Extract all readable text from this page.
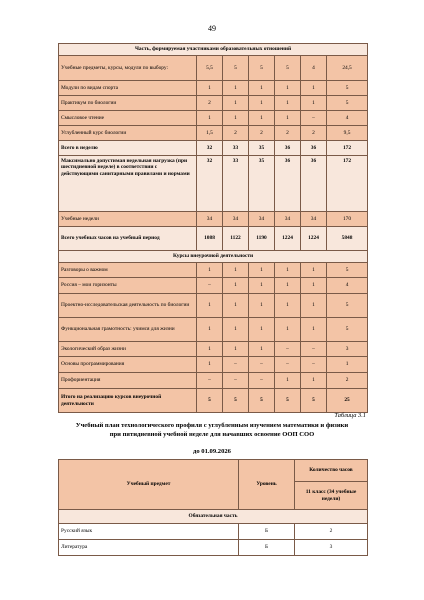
49
Часть, формируемая участниками образовательных отношений						
Учебные предметы, курсы, модули по выбору:	5,5	5	5	5	4	24,5
Модули по видам спорта	1	1	1	1	1	5
Практикум по биологии	2	1	1	1	1	5
Смысловое чтение	1	1	1	1	–	4
Углубленный курс биологии	1,5	2	2	2	2	9,5
Всего в неделю	32	33	35	36	36	172
Максимально допустимая недельная нагрузка (при шестидневной неделе) в соответствии с действующими санитарными правилами и нормами	32	33	35	36	36	172
Учебные недели	34	34	34	34	34	170
Всего учебных часов на учебный период	1088	1122	1190	1224	1224	5848
Курсы внеурочной деятельности						
Разговоры о важном	1	1	1	1	1	5
Россия – мои горизонты	–	1	1	1	1	4
Проектно-исследовательская деятельность по биологии	1	1	1	1	1	5
Функциональная грамотность: учимся для жизни	1	1	1	1	1	5
Экологический образ жизни	1	1	1	–	–	3
Основы программирования	1	–	–	–	–	1
Профориентация	–	–	–	1	1	2
Итого на реализацию курсов внеурочной деятельности	5	5	5	5	5	25
Таблица 3.1
Учебный план технологического профиля с углубленным изучением математики и физики при пятидневной учебной неделе для начавших освоение ООП СОО
до 01.09.2026
Учебный предмет	Уровень	Количество часов
		11 класс (34 учебные недели)
Обязательная часть		
Русский язык	Б	2
Литература	Б	3
